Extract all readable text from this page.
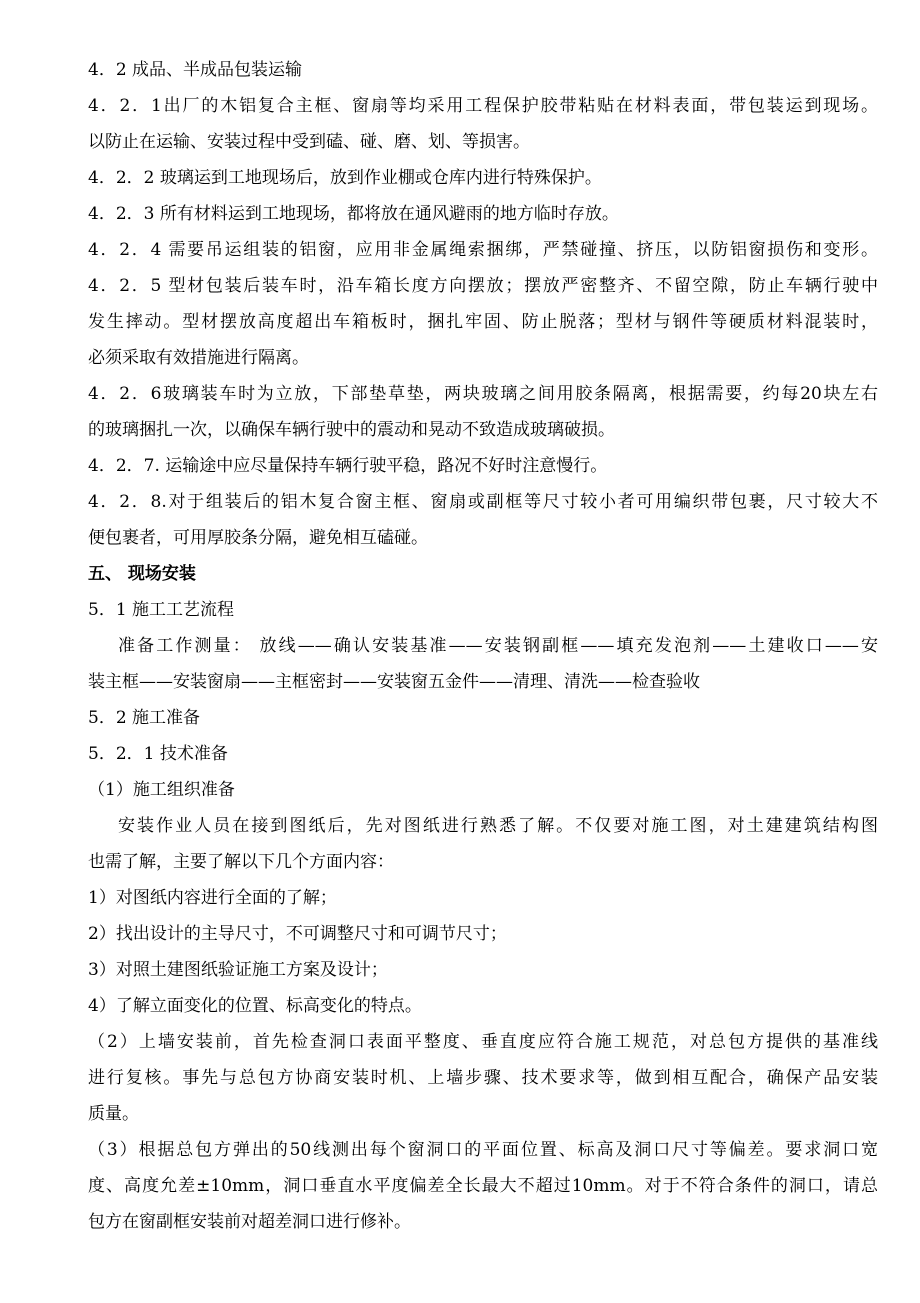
4．2 成品、半成品包装运输
4．2．1出厂的木铝复合主框、窗扇等均采用工程保护胶带粘贴在材料表面，带包装运到现场。
以防止在运输、安装过程中受到磕、碰、磨、划、等损害。
4．2．2 玻璃运到工地现场后，放到作业棚或仓库内进行特殊保护。
4．2．3 所有材料运到工地现场，都将放在通风避雨的地方临时存放。
4．2．4 需要吊运组装的铝窗，应用非金属绳索捆绑，严禁碰撞、挤压，以防铝窗损伤和变形。
4．2．5 型材包装后装车时，沿车箱长度方向摆放；摆放严密整齐、不留空隙，防止车辆行驶中
发生摔动。型材摆放高度超出车箱板时，捆扎牢固、防止脱落；型材与钢件等硬质材料混装时，
必须采取有效措施进行隔离。
4．2．6玻璃装车时为立放，下部垫草垫，两块玻璃之间用胶条隔离，根据需要，约每20块左右
的玻璃捆扎一次，以确保车辆行驶中的震动和晃动不致造成玻璃破损。
4．2．7. 运输途中应尽量保持车辆行驶平稳，路况不好时注意慢行。
4．2．8.对于组装后的铝木复合窗主框、窗扇或副框等尺寸较小者可用编织带包裹，尺寸较大不
便包裹者，可用厚胶条分隔，避免相互磕碰。
五、 现场安装
5．1 施工工艺流程
准备工作测量： 放线——确认安装基准——安装钢副框——填充发泡剂——土建收口——安
装主框——安装窗扇——主框密封——安装窗五金件——清理、清洗——检查验收
5．2 施工准备
5．2．1 技术准备
（1）施工组织准备
安装作业人员在接到图纸后，先对图纸进行熟悉了解。不仅要对施工图，对土建建筑结构图
也需了解，主要了解以下几个方面内容：
1）对图纸内容进行全面的了解；
2）找出设计的主导尺寸，不可调整尺寸和可调节尺寸；
3）对照土建图纸验证施工方案及设计；
4）了解立面变化的位置、标高变化的特点。
（2）上墙安装前，首先检查洞口表面平整度、垂直度应符合施工规范，对总包方提供的基准线
进行复核。事先与总包方协商安装时机、上墙步骤、技术要求等，做到相互配合，确保产品安装
质量。
（3）根据总包方弹出的50线测出每个窗洞口的平面位置、标高及洞口尺寸等偏差。要求洞口宽
度、高度允差±10mm，洞口垂直水平度偏差全长最大不超过10mm。对于不符合条件的洞口，请总
包方在窗副框安装前对超差洞口进行修补。
